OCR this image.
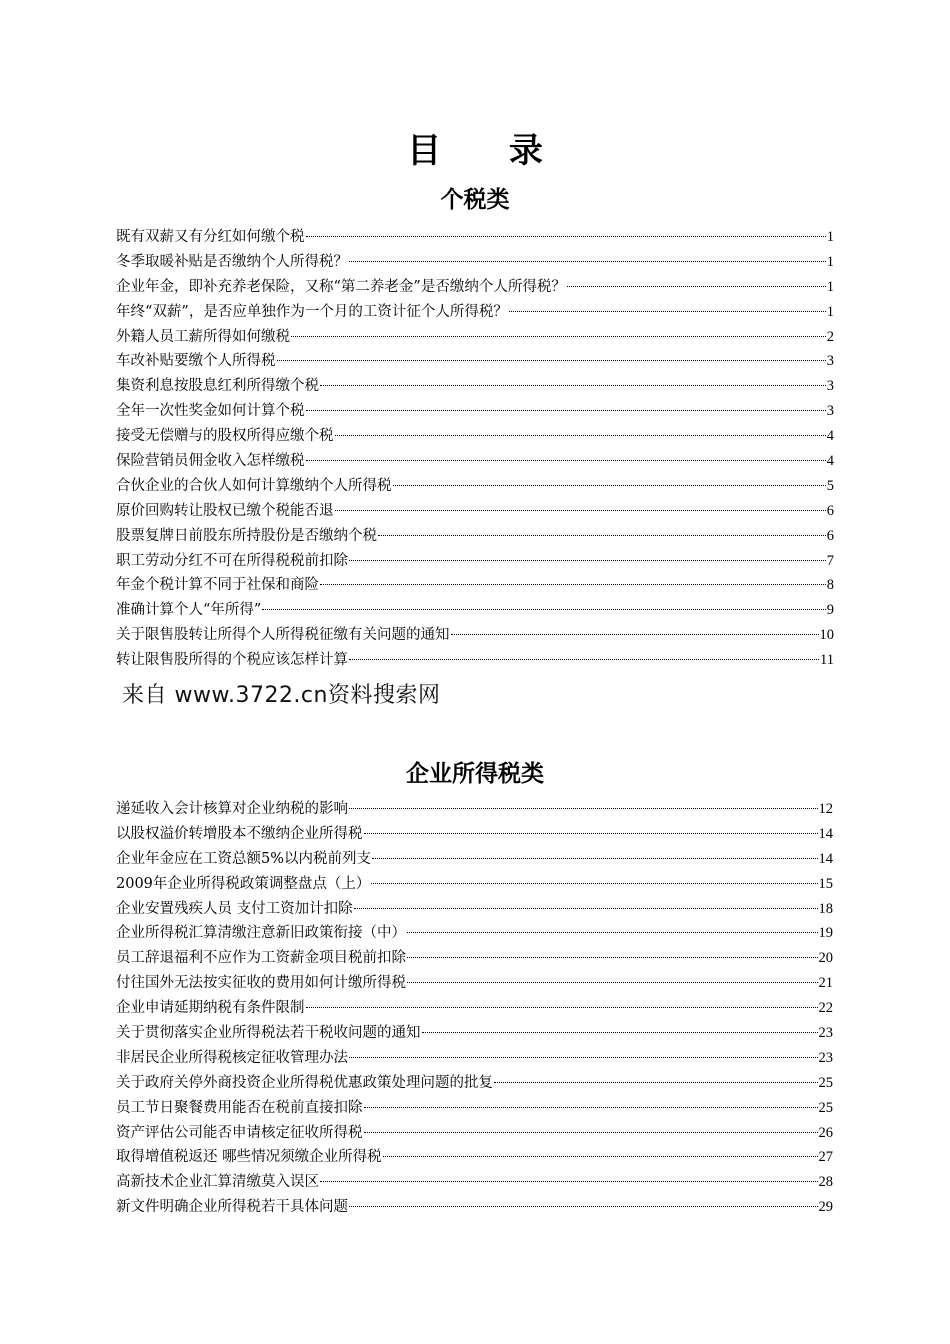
目 录
个税类
既有双薪又有分红如何缴个税	1
冬季取暖补贴是否缴纳个人所得税？	1
企业年金，即补充养老保险，又称“第二养老金”是否缴纳个人所得税？	1
年终“双薪”，是否应单独作为一个月的工资计征个人所得税？	1
外籍人员工薪所得如何缴税	2
车改补贴要缴个人所得税	3
集资利息按股息红利所得缴个税	3
全年一次性奖金如何计算个税	3
接受无偿赠与的股权所得应缴个税	4
保险营销员佣金收入怎样缴税	4
合伙企业的合伙人如何计算缴纳个人所得税	5
原价回购转让股权已缴个税能否退	6
股票复牌日前股东所持股份是否缴纳个税	6
职工劳动分红不可在所得税税前扣除	7
年金个税计算不同于社保和商险	8
准确计算个人“年所得”	9
关于限售股转让所得个人所得税征缴有关问题的通知	10
转让限售股所得的个税应该怎样计算	11
来自 www.3722.cn资料搜索网
企业所得税类
递延收入会计核算对企业纳税的影响	12
以股权溢价转增股本不缴纳企业所得税	14
企业年金应在工资总额5%以内税前列支	14
2009年企业所得税政策调整盘点（上）	15
企业安置残疾人员 支付工资加计扣除	18
企业所得税汇算清缴注意新旧政策衔接（中）	19
员工辞退福利不应作为工资薪金项目税前扣除	20
付往国外无法按实征收的费用如何计缴所得税	21
企业申请延期纳税有条件限制	22
关于贯彻落实企业所得税法若干税收问题的通知	23
非居民企业所得税核定征收管理办法	23
关于政府关停外商投资企业所得税优惠政策处理问题的批复	25
员工节日聚餐费用能否在税前直接扣除	25
资产评估公司能否申请核定征收所得税	26
取得增值税返还 哪些情况须缴企业所得税	27
高新技术企业汇算清缴莫入误区	28
新文件明确企业所得税若干具体问题	29
